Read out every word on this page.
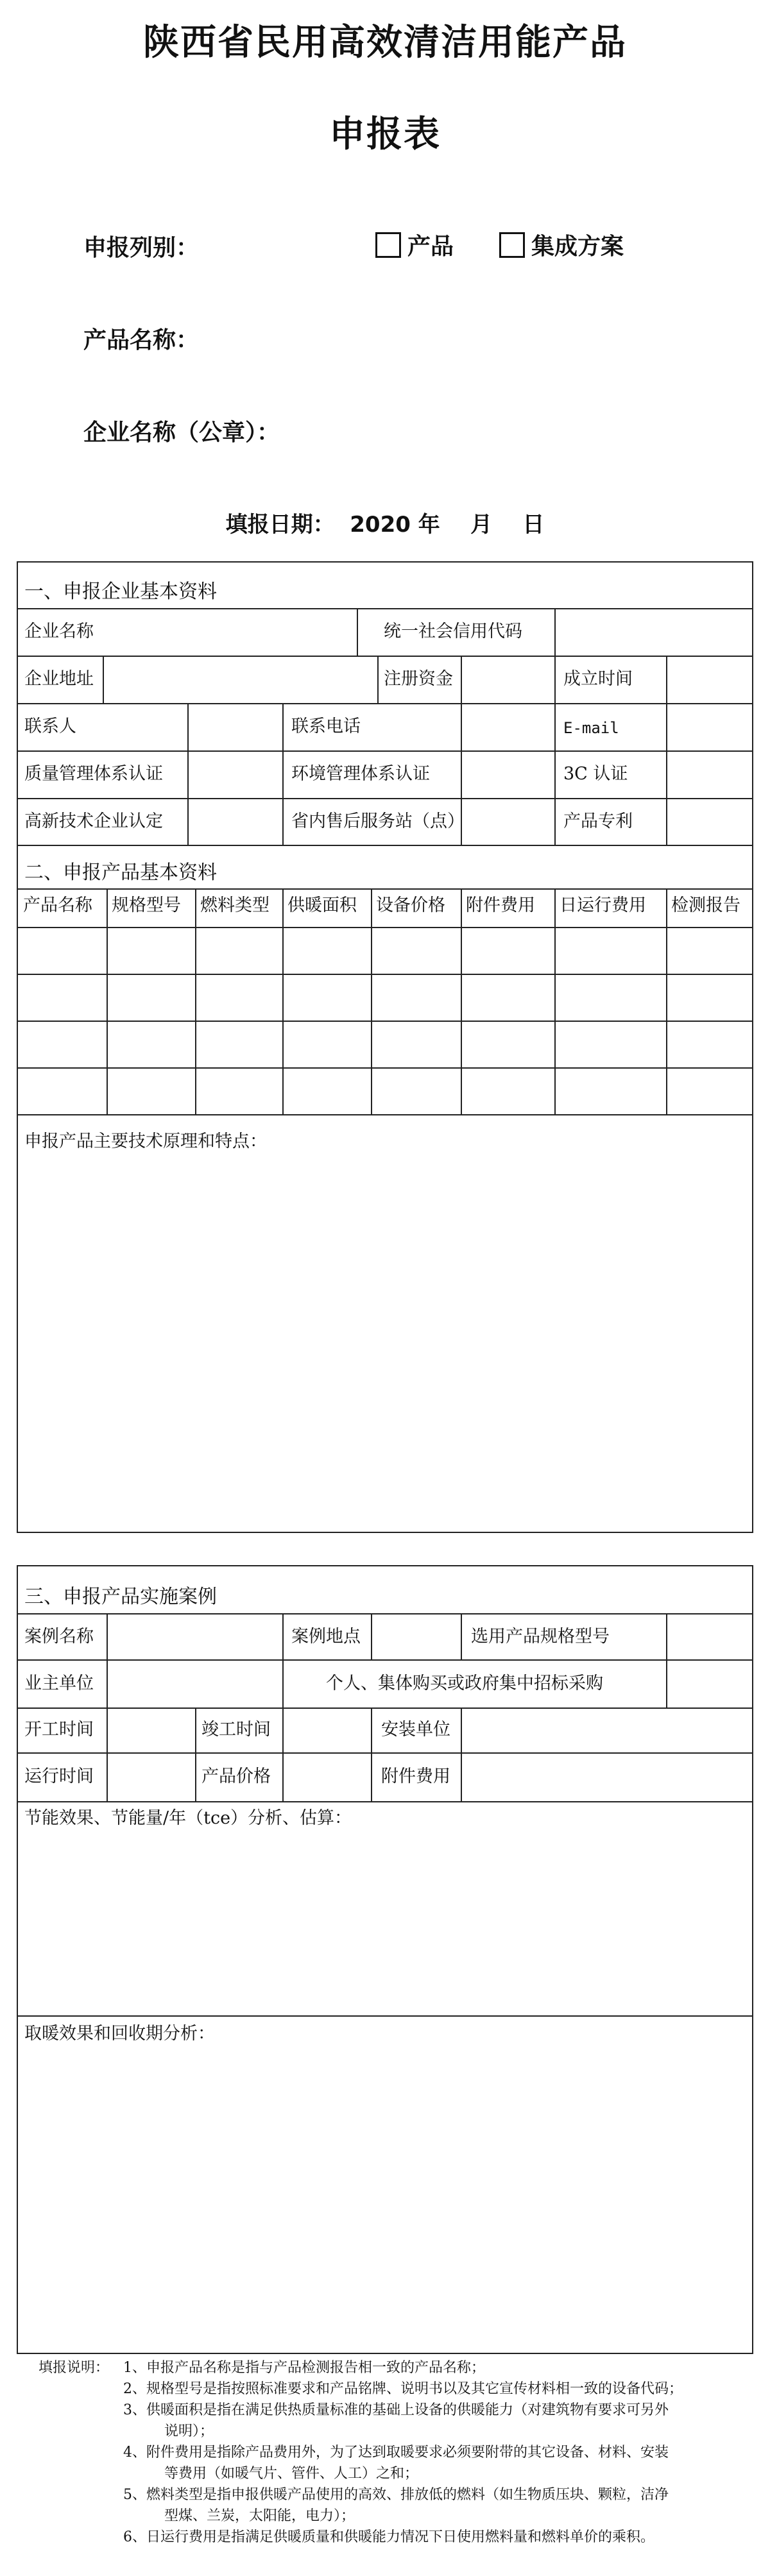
陕西省民用高效清洁用能产品
申报表
申报列别：	产品	集成方案
产品名称：
企业名称（公章）：
填报日期：  2020 年    月    日
一、申报企业基本资料
企业名称	统一社会信用代码
企业地址	注册资金	成立时间
联系人	联系电话	E-mail
质量管理体系认证	环境管理体系认证	3C 认证
高新技术企业认定	省内售后服务站（点）	产品专利
二、申报产品基本资料
产品名称 规格型号 燃料类型 供暖面积 设备价格 附件费用 日运行费用 检测报告
申报产品主要技术原理和特点：
三、申报产品实施案例
案例名称	案例地点	选用产品规格型号
业主单位	个人、集体购买或政府集中招标采购
开工时间	竣工时间	安装单位
运行时间	产品价格	附件费用
节能效果、节能量/年（tce）分析、估算：
取暖效果和回收期分析：
填报说明： 1、申报产品名称是指与产品检测报告相一致的产品名称；
2、规格型号是指按照标准要求和产品铭牌、说明书以及其它宣传材料相一致的设备代码；
3、供暖面积是指在满足供热质量标准的基础上设备的供暖能力（对建筑物有要求可另外
说明）；
4、附件费用是指除产品费用外，为了达到取暖要求必须要附带的其它设备、材料、安装
等费用（如暖气片、管件、人工）之和；
5、燃料类型是指申报供暖产品使用的高效、排放低的燃料（如生物质压块、颗粒，洁净
型煤、兰炭，太阳能，电力）；
6、日运行费用是指满足供暖质量和供暖能力情况下日使用燃料量和燃料单价的乘积。
